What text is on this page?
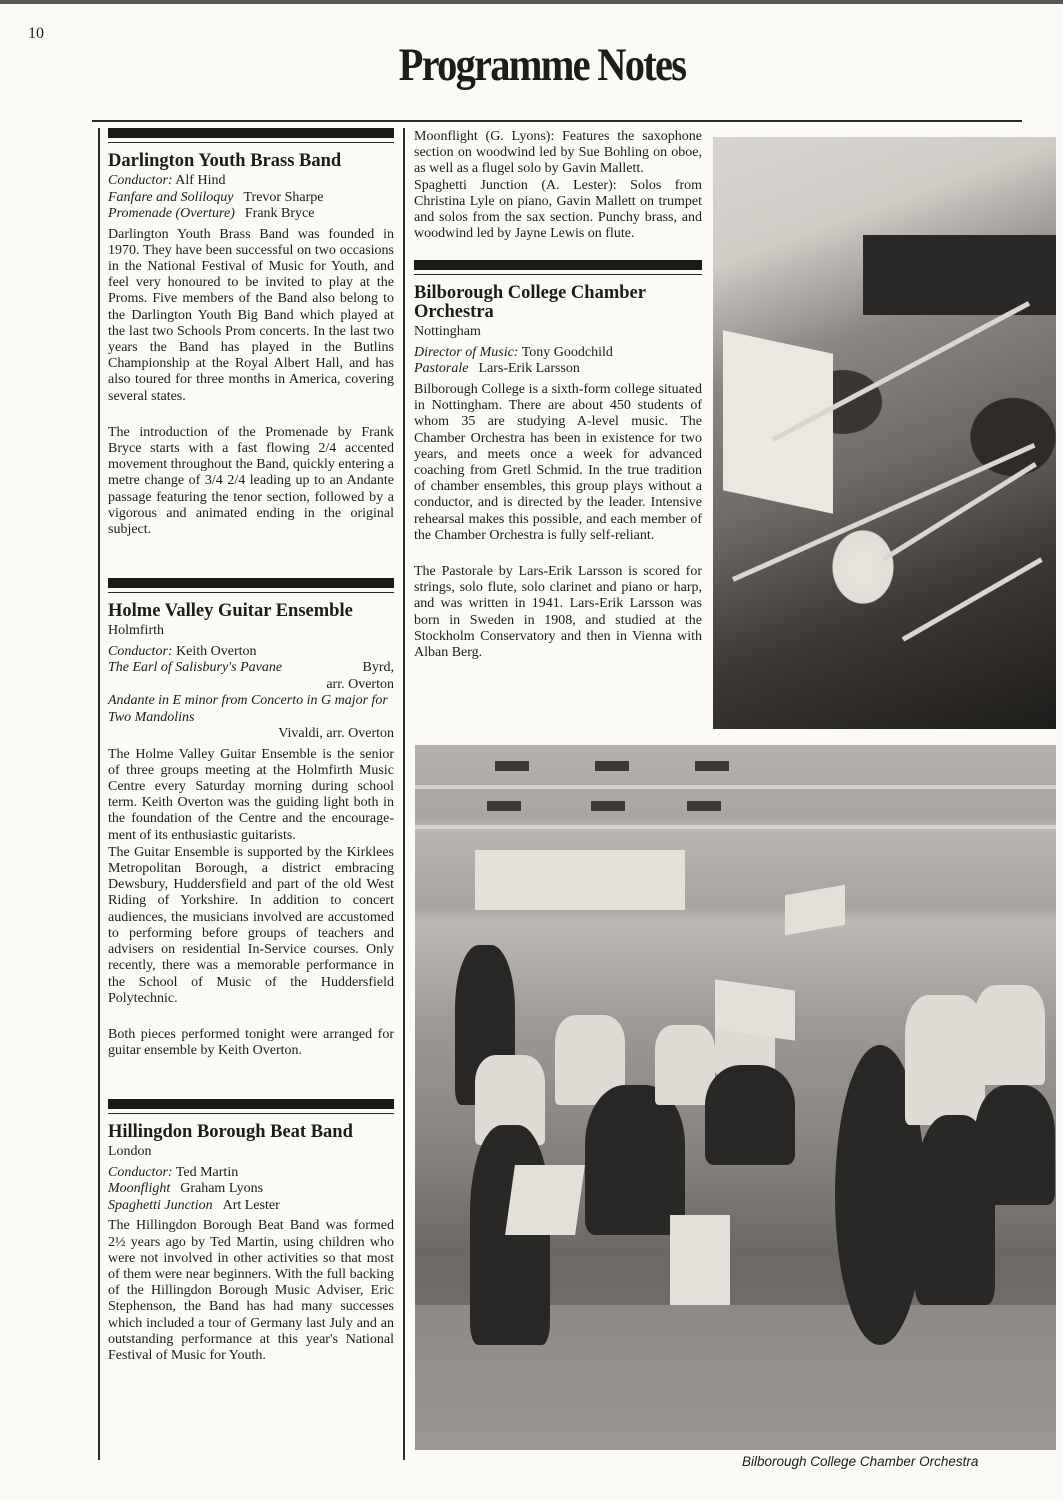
10
Programme Notes
Darlington Youth Brass Band
Conductor: Alf Hind
Fanfare and Soliloquy Trevor Sharpe
Promenade (Overture) Frank Bryce

Darlington Youth Brass Band was founded in 1970. They have been successful on two occasions in the National Festival of Music for Youth, and feel very honoured to be invited to play at the Proms. Five members of the Band also belong to the Darlington Youth Big Band which played at the last two Schools Prom concerts. In the last two years the Band has played in the Butlins Championship at the Royal Albert Hall, and has also toured for three months in America, covering several states.

The introduction of the Promenade by Frank Bryce starts with a fast flowing 2/4 accented movement throughout the Band, quickly entering a metre change of 3/4 2/4 leading up to an Andante passage featuring the tenor section, followed by a vigorous and animated ending in the original subject.

Holme Valley Guitar Ensemble
Holmfirth
Conductor: Keith Overton
The Earl of Salisbury's Pavane	Byrd,
arr. Overton
Andante in E minor from Concerto in G major for Two Mandolins
Vivaldi, arr. Overton

The Holme Valley Guitar Ensemble is the senior of three groups meeting at the Holmfirth Music Centre every Saturday morning during school term. Keith Overton was the guiding light both in the foundation of the Centre and the encouragement of its enthusiastic guitarists.

The Guitar Ensemble is supported by the Kirklees Metropolitan Borough, a district embracing Dewsbury, Huddersfield and part of the old West Riding of Yorkshire. In addition to concert audiences, the musicians involved are accustomed to performing before groups of teachers and advisers on residential In-Service courses. Only recently, there was a memorable performance in the School of Music of the Huddersfield Polytechnic.

Both pieces performed tonight were arranged for guitar ensemble by Keith Overton.

Hillingdon Borough Beat Band
London
Conductor: Ted Martin
Moonflight Graham Lyons
Spaghetti Junction Art Lester

The Hillingdon Borough Beat Band was formed 2½ years ago by Ted Martin, using children who were not involved in other activities so that most of them were near beginners. With the full backing of the Hillingdon Borough Music Adviser, Eric Stephenson, the Band has had many successes which included a tour of Germany last July and an outstanding performance at this year's National Festival of Music for Youth.

Moonflight (G. Lyons): Features the saxophone section on woodwind led by Sue Bohling on oboe, as well as a flugel solo by Gavin Mallett.

Spaghetti Junction (A. Lester): Solos from Christina Lyle on piano, Gavin Mallett on trumpet and solos from the sax section. Punchy brass, and woodwind led by Jayne Lewis on flute.

Bilborough College Chamber Orchestra
Nottingham
Director of Music: Tony Goodchild
Pastorale Lars-Erik Larsson

Bilborough College is a sixth-form college situated in Nottingham. There are about 450 students of whom 35 are studying A-level music. The Chamber Orchestra has been in existence for two years, and meets once a week for advanced coaching from Gretl Schmid. In the true tradition of chamber ensembles, this group plays without a conductor, and is directed by the leader. Intensive rehearsal makes this possible, and each member of the Chamber Orchestra is fully self-reliant.

The Pastorale by Lars-Erik Larsson is scored for strings, solo flute, solo clarinet and piano or harp, and was written in 1941. Lars-Erik Larsson was born in Sweden in 1908, and studied at the Stockholm Conservatory and then in Vienna with Alban Berg.

Bilborough College Chamber Orchestra
